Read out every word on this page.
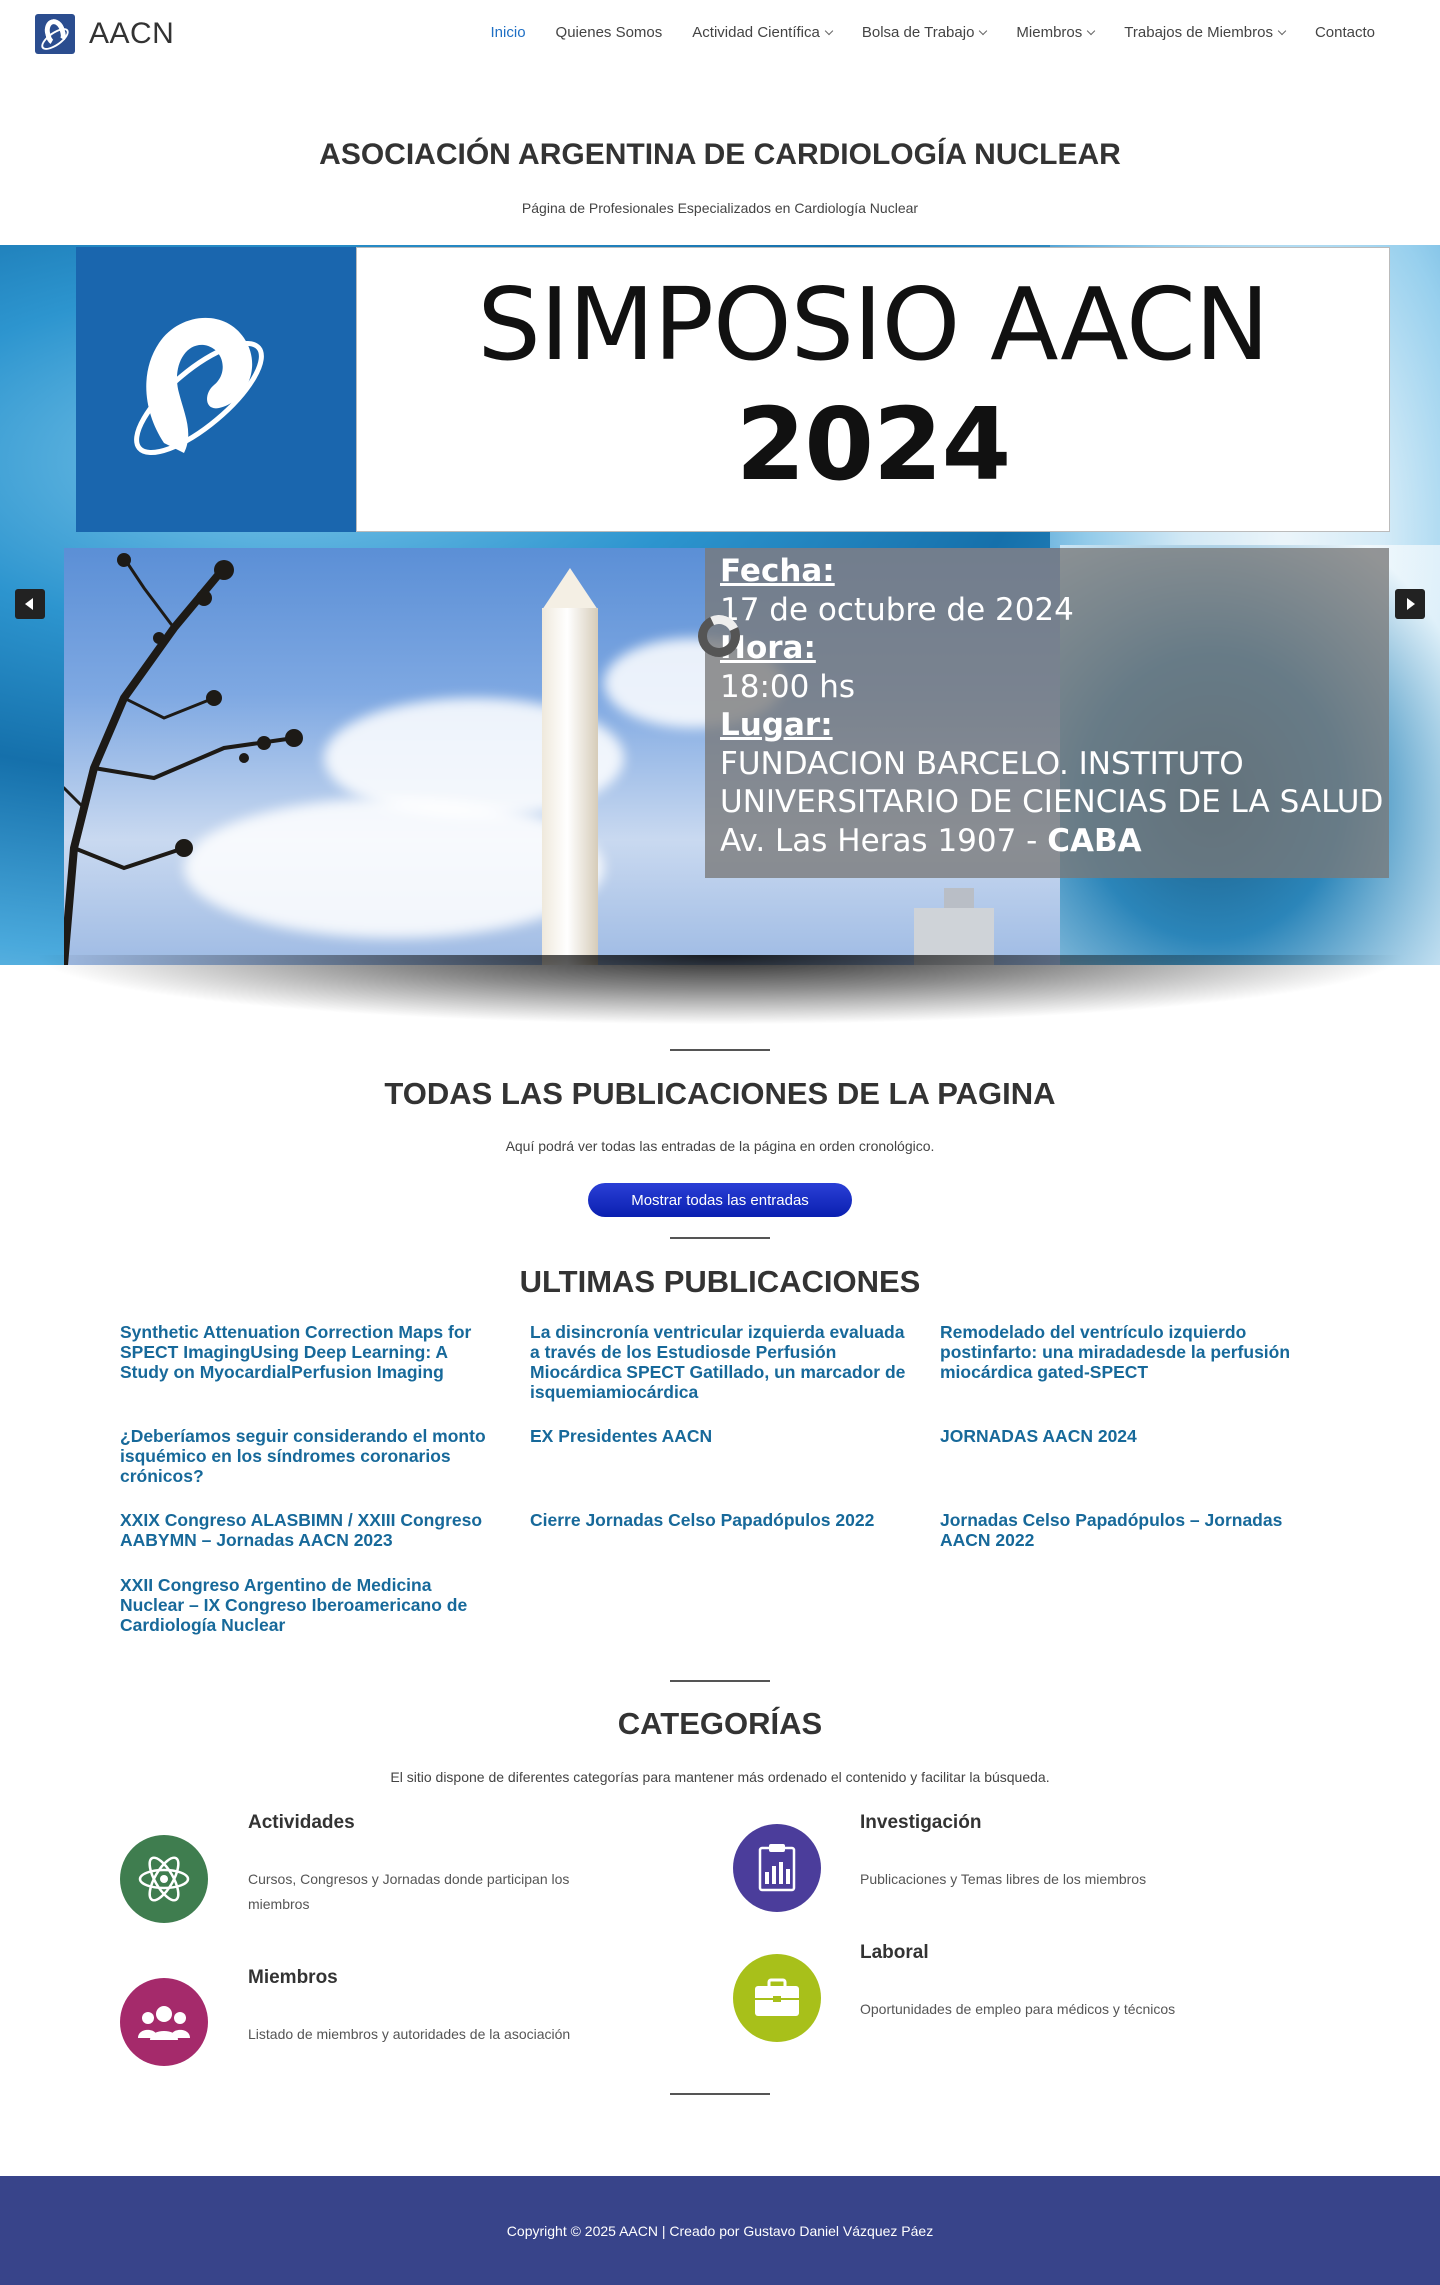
AACN	Inicio Quienes Somos Actividad Científica	Bolsa de Trabajo	Miembros	Trabajos de Miembros	Contacto
ASOCIACIÓN ARGENTINA DE CARDIOLOGÍA NUCLEAR

Página de Profesionales Especializados en Cardiología Nuclear

SIMPOSIO AACN
2024
Fecha:
17 de octubre de 2024
Hora:
18:00 hs
Lugar:
FUNDACION BARCELO. INSTITUTO
UNIVERSITARIO DE CIENCIAS DE LA SALUD
Av. Las Heras 1907 - CABA
TODAS LAS PUBLICACIONES DE LA PAGINA

Aquí podrá ver todas las entradas de la página en orden cronológico.

Mostrar todas las entradas
ULTIMAS PUBLICACIONES
Synthetic Attenuation Correction Maps for SPECT ImagingUsing Deep Learning: A Study on MyocardialPerfusion Imaging
La disincronía ventricular izquierda evaluada a través de los Estudiosde Perfusión Miocárdica SPECT Gatillado, un marcador de isquemiamiocárdica
Remodelado del ventrículo izquierdo postinfarto: una miradadesde la perfusión miocárdica gated-SPECT
¿Deberíamos seguir considerando el monto isquémico en los síndromes coronarios crónicos?
EX Presidentes AACN	JORNADAS AACN 2024
XXIX Congreso ALASBIMN / XXIII Congreso AABYMN – Jornadas AACN 2023
Cierre Jornadas Celso Papadópulos 2022	Jornadas Celso Papadópulos – Jornadas AACN 2022
XXII Congreso Argentino de Medicina Nuclear – IX Congreso Iberoamericano de Cardiología Nuclear
CATEGORÍAS

El sitio dispone de diferentes categorías para mantener más ordenado el contenido y facilitar la búsqueda.

Actividades
Cursos, Congresos y Jornadas donde participan los miembros
Investigación
Publicaciones y Temas libres de los miembros
Miembros
Listado de miembros y autoridades de la asociación
Laboral
Oportunidades de empleo para médicos y técnicos
Copyright © 2025 AACN | Creado por Gustavo Daniel Vázquez Páez
